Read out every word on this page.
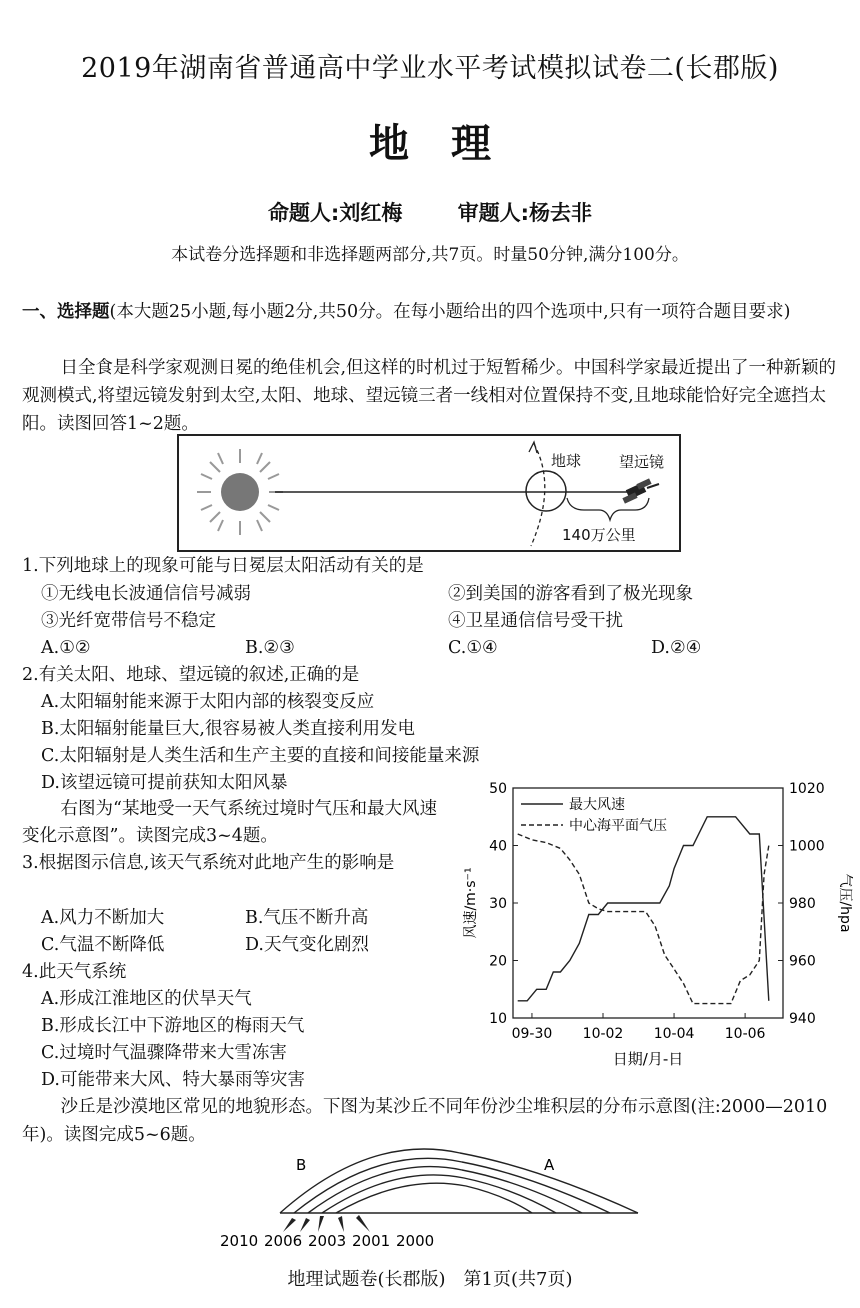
2019年湖南省普通高中学业水平考试模拟试卷二(长郡版)
地理
命题人:刘红梅	审题人:杨去非
本试卷分选择题和非选择题两部分,共7页。时量50分钟,满分100分。
一、选择题(本大题25小题,每小题2分,共50分。在每小题给出的四个选项中,只有一项符合题目要求)
日全食是科学家观测日冕的绝佳机会,但这样的时机过于短暂稀少。中国科学家最近提出了一种新颖的观测模式,将望远镜发射到太空,太阳、地球、望远镜三者一线相对位置保持不变,且地球能恰好完全遮挡太阳。读图回答1~2题。
地球	望远镜
140万公里
1.下列地球上的现象可能与日冕层太阳活动有关的是
①无线电长波通信信号减弱	②到美国的游客看到了极光现象
③光纤宽带信号不稳定	④卫星通信信号受干扰
A.①②	B.②③	C.①④	D.②④
2.有关太阳、地球、望远镜的叙述,正确的是
A.太阳辐射能来源于太阳内部的核裂变反应
B.太阳辐射能量巨大,很容易被人类直接利用发电
C.太阳辐射是人类生活和生产主要的直接和间接能量来源
D.该望远镜可提前获知太阳风暴
右图为“某地受一天气系统过境时气压和最大风速变化示意图”。读图完成3~4题。
3.根据图示信息,该天气系统对此地产生的影响是
A.风力不断加大	B.气压不断升高
C.气温不断降低	D.天气变化剧烈
4.此天气系统
A.形成江淮地区的伏旱天气
B.形成长江中下游地区的梅雨天气
C.过境时气温骤降带来大雪冻害
D.可能带来大风、特大暴雨等灾害
10
20
30
40
50
940
960
980
1000
1020
09-30 10-02 10-04 10-06
日期/月-日
风速/m·s⁻¹	气压/hpa
最大风速
中心海平面气压
沙丘是沙漠地区常见的地貌形态。下图为某沙丘不同年份沙尘堆积层的分布示意图(注:2000—2010年)。读图完成5~6题。
B	A
2010 2006 2003 2001 2000
地理试题卷(长郡版)　第1页(共7页)
